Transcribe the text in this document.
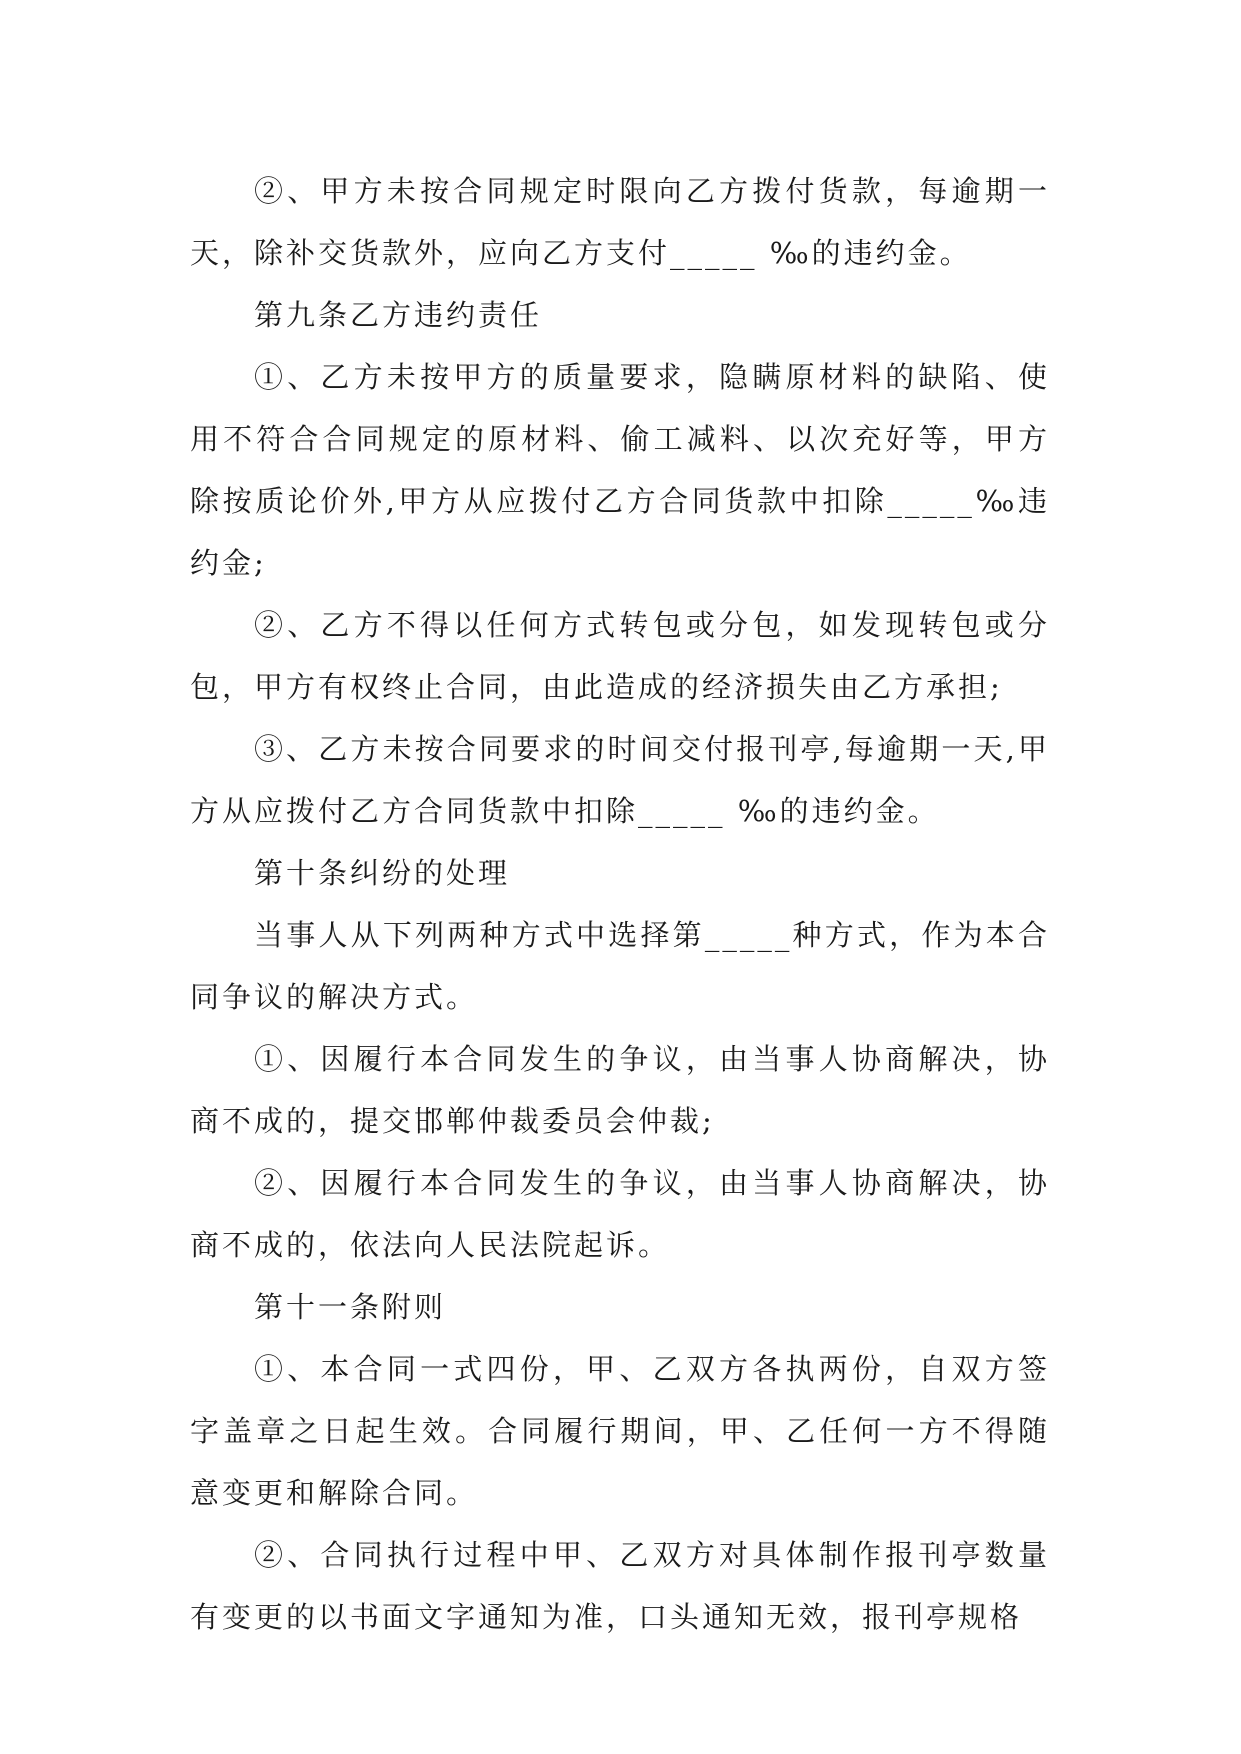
②、甲方未按合同规定时限向乙方拨付货款，每逾期一天，除补交货款外，应向乙方支付_____ ‰的违约金。

第九条乙方违约责任

①、乙方未按甲方的质量要求，隐瞒原材料的缺陷、使用不符合合同规定的原材料、偷工减料、以次充好等，甲方除按质论价外,甲方从应拨付乙方合同货款中扣除_____‰违约金;

②、乙方不得以任何方式转包或分包，如发现转包或分包，甲方有权终止合同，由此造成的经济损失由乙方承担;

③、乙方未按合同要求的时间交付报刊亭,每逾期一天,甲方从应拨付乙方合同货款中扣除_____ ‰的违约金。

第十条纠纷的处理

当事人从下列两种方式中选择第_____种方式，作为本合同争议的解决方式。

①、因履行本合同发生的争议，由当事人协商解决，协商不成的，提交邯郸仲裁委员会仲裁;

②、因履行本合同发生的争议，由当事人协商解决，协商不成的，依法向人民法院起诉。

第十一条附则

①、本合同一式四份，甲、乙双方各执两份，自双方签字盖章之日起生效。合同履行期间，甲、乙任何一方不得随意变更和解除合同。

②、合同执行过程中甲、乙双方对具体制作报刊亭数量有变更的以书面文字通知为准，口头通知无效，报刊亭规格
